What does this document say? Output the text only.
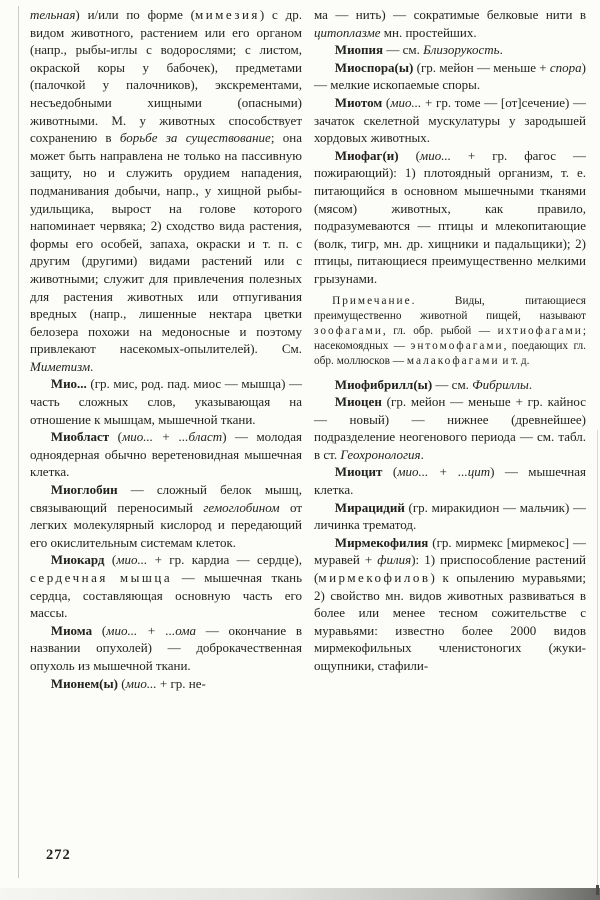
тельная) и/или по форме (мимезия) с др. видом животного, растением или его органом (напр., рыбы-иглы с водорослями; с листом, окраской коры у бабочек), предметами (палочкой у палочников), экскрементами, несъедобными хищными (опасными) животными. М. у животных способствует сохранению в борьбе за существование; она может быть направлена не только на пассивную защиту, но и служить орудием нападения, подманивания добычи, напр., у хищной рыбы-удильщика, вырост на голове которого напоминает червяка; 2) сходство вида растения, формы его особей, запаха, окраски и т. п. с другим (другими) видами растений или с животными; служит для привлечения полезных для растения животных или отпугивания вредных (напр., лишенные нектара цветки белозера похожи на медоносные и поэтому привлекают насекомых-опылителей). См. Миметизм.

Мио... (гр. мис, род. пад. миос — мышца) — часть сложных слов, указывающая на отношение к мышцам, мышечной ткани.

Миобласт (мио... + ...бласт) — молодая одноядерная обычно веретеновидная мышечная клетка.

Миоглобин — сложный белок мышц, связывающий переносимый гемоглобином от легких молекулярный кислород и передающий его окислительным системам клеток.

Миокард (мио... + гр. кардиа — сердце), сердечная мышца — мышечная ткань сердца, составляющая основную часть его массы.

Миома (мио... + ...ома — окончание в названии опухолей) — доброкачественная опухоль из мышечной ткани.

Мионем(ы) (мио... + гр. не-

ма — нить) — сократимые белковые нити в цитоплазме мн. простейших.

Миопия — см. Близорукость.

Миоспора(ы) (гр. мейон — меньше + спора) — мелкие ископаемые споры.

Миотом (мио... + гр. томе — [от]сечение) — зачаток скелетной мускулатуры у зародышей хордовых животных.

Миофаг(и) (мио... + гр. фагос — пожирающий): 1) плотоядный организм, т. е. питающийся в основном мышечными тканями (мясом) животных, как правило, подразумеваются — птицы и млекопитающие (волк, тигр, мн. др. хищники и падальщики); 2) птицы, питающиеся преимущественно мелкими грызунами.

Примечание. Виды, питающиеся преимущественно животной пищей, называют зоофагами, гл. обр. рыбой — ихтиофагами; насекомоядных — энтомофагами, поедающих гл. обр. моллюсков — малакофагами и т. д.

Миофибрилл(ы) — см. Фибриллы.

Миоцен (гр. мейон — меньше + гр. кайнос — новый) — нижнее (древнейшее) подразделение неогенового периода — см. табл. в ст. Геохронология.

Миоцит (мио... + ...цит) — мышечная клетка.

Мирацидий (гр. миракидион — мальчик) — личинка трематод.

Мирмекофилия (гр. мирмекс [мирмекос] — муравей + филия): 1) приспособление растений (мирмекофилов) к опылению муравьями; 2) свойство мн. видов животных развиваться в более или менее тесном сожительстве с муравьями: известно более 2000 видов мирмекофильных членистоногих (жуки-ощупники, стафили-

272
